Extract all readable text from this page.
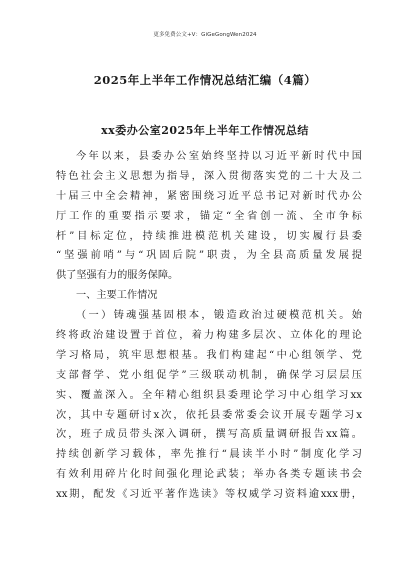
更多免费公文+V：GiGeGongWen2024
2025年上半年工作情况总结汇编（4篇）
xx委办公室2025年上半年工作情况总结
今年以来，县委办公室始终坚持以习近平新时代中国
特色社会主义思想为指导，深入贯彻落实党的二十大及二
十届三中全会精神，紧密围绕习近平总书记对新时代办公
厅工作的重要指示要求，锚定“全省创一流、全市争标
杆”目标定位，持续推进模范机关建设，切实履行县委
“坚强前哨”与“巩固后院”职责，为全县高质量发展提
供了坚强有力的服务保障。
一、主要工作情况
（一）铸魂强基固根本，锻造政治过硬模范机关。始
终将政治建设置于首位，着力构建多层次、立体化的理论
学习格局，筑牢思想根基。我们构建起“中心组领学、党
支部督学、党小组促学”三级联动机制，确保学习层层压
实、覆盖深入。全年精心组织县委理论学习中心组学习xx
次，其中专题研讨x次，依托县委常委会议开展专题学习x
次，班子成员带头深入调研，撰写高质量调研报告xx篇。
持续创新学习载体，率先推行“晨读半小时”制度化学习
有效利用碎片化时间强化理论武装；举办各类专题读书会
xx期，配发《习近平著作选读》等权威学习资料逾xxx册，
